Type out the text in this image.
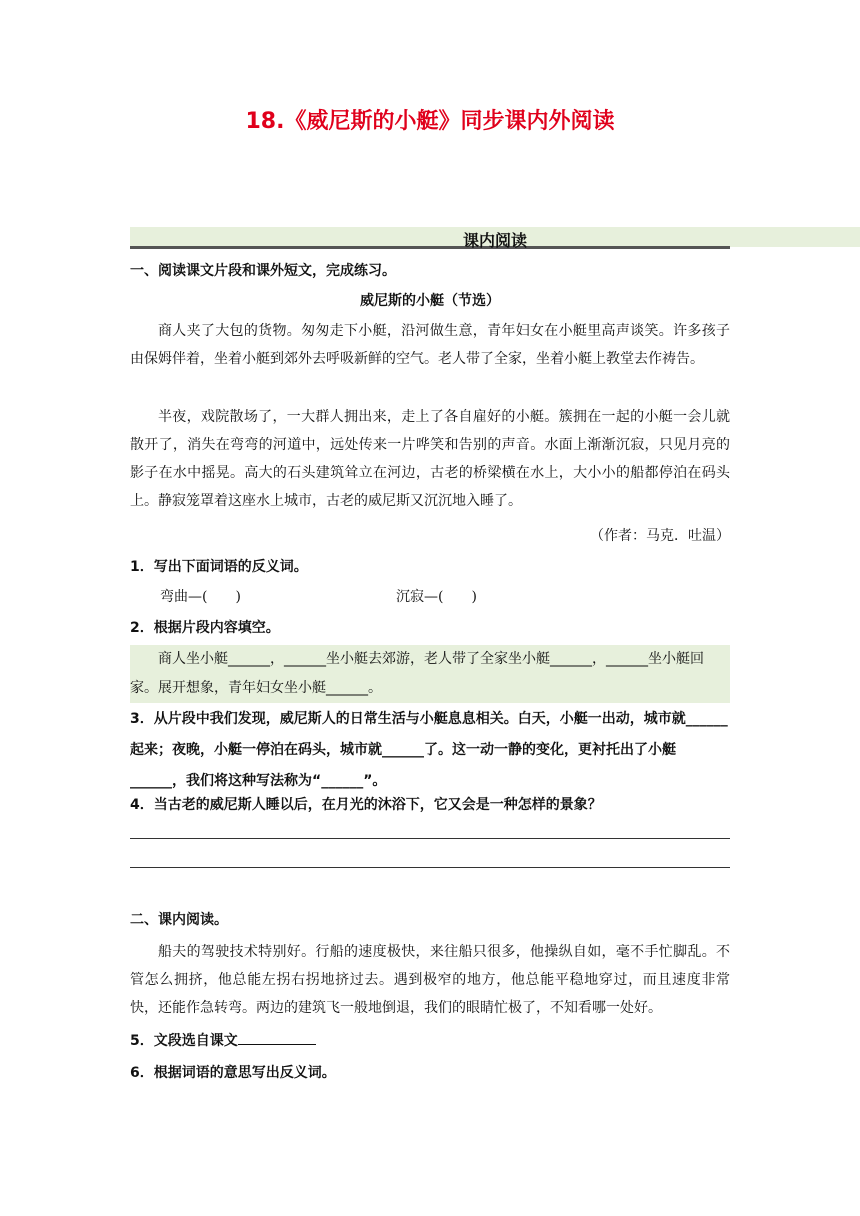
18.《威尼斯的小艇》同步课内外阅读
课内阅读
一、阅读课文片段和课外短文，完成练习。
威尼斯的小艇（节选）
商人夹了大包的货物。匆匆走下小艇，沿河做生意，青年妇女在小艇里高声谈笑。许多孩子由保姆伴着，坐着小艇到郊外去呼吸新鲜的空气。老人带了全家，坐着小艇上教堂去作祷告。
半夜，戏院散场了，一大群人拥出来，走上了各自雇好的小艇。簇拥在一起的小艇一会儿就散开了，消失在弯弯的河道中，远处传来一片哗笑和告别的声音。水面上渐渐沉寂，只见月亮的影子在水中摇晃。高大的石头建筑耸立在河边，古老的桥梁横在水上，大小小的船都停泊在码头上。静寂笼罩着这座水上城市，古老的威尼斯又沉沉地入睡了。
（作者：马克．吐温）
1．写出下面词语的反义词。
弯曲—(　　)	沉寂—(　　)
2．根据片段内容填空。
商人坐小艇______，______坐小艇去郊游，老人带了全家坐小艇______，______坐小艇回家。展开想象，青年妇女坐小艇______。
3．从片段中我们发现，威尼斯人的日常生活与小艇息息相关。白天，小艇一出动，城市就______起来；夜晚，小艇一停泊在码头，城市就______了。这一动一静的变化，更衬托出了小艇______，我们将这种写法称为“______”。
4．当古老的威尼斯人睡以后，在月光的沐浴下，它又会是一种怎样的景象？
二、课内阅读。
船夫的驾驶技术特别好。行船的速度极快，来往船只很多，他操纵自如，毫不手忙脚乱。不管怎么拥挤，他总能左拐右拐地挤过去。遇到极窄的地方，他总能平稳地穿过，而且速度非常快，还能作急转弯。两边的建筑飞一般地倒退，我们的眼睛忙极了，不知看哪一处好。
5．文段选自课文
6．根据词语的意思写出反义词。
